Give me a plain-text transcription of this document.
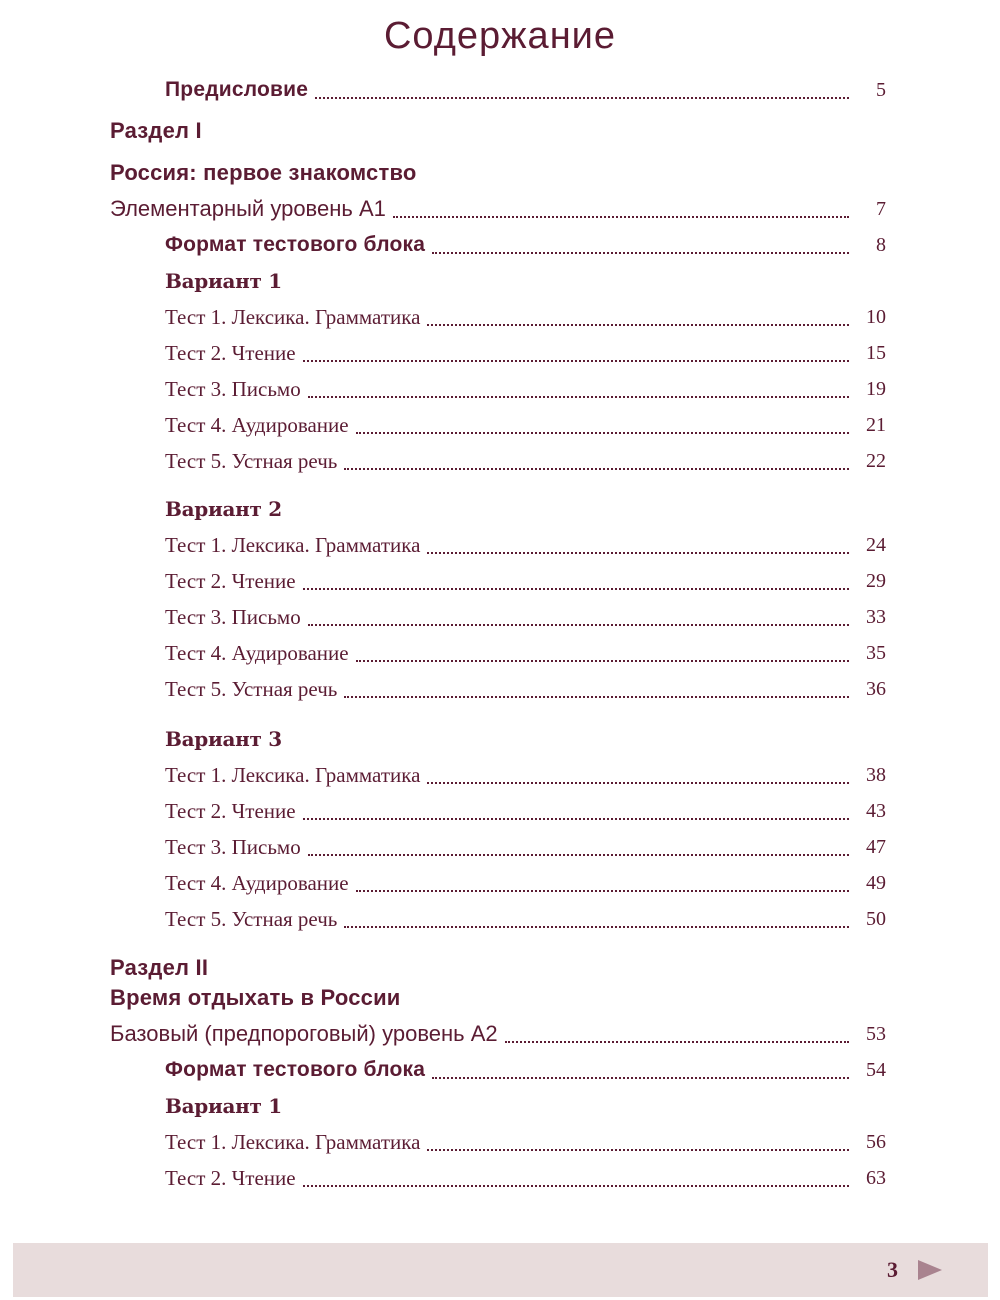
Содержание
Предисловие	5
Раздел I
Россия: первое знакомство
Элементарный уровень А1	7
Формат тестового блока	8
Вариант 1
Тест 1. Лексика. Грамматика	10
Тест 2. Чтение	15
Тест 3. Письмо	19
Тест 4. Аудирование	21
Тест 5. Устная речь	22
Вариант 2
Тест 1. Лексика. Грамматика	24
Тест 2. Чтение	29
Тест 3. Письмо	33
Тест 4. Аудирование	35
Тест 5. Устная речь	36
Вариант 3
Тест 1. Лексика. Грамматика	38
Тест 2. Чтение	43
Тест 3. Письмо	47
Тест 4. Аудирование	49
Тест 5. Устная речь	50
Раздел II
Время отдыхать в России
Базовый (предпороговый) уровень А2	53
Формат тестового блока	54
Вариант 1
Тест 1. Лексика. Грамматика	56
Тест 2. Чтение	63
3
